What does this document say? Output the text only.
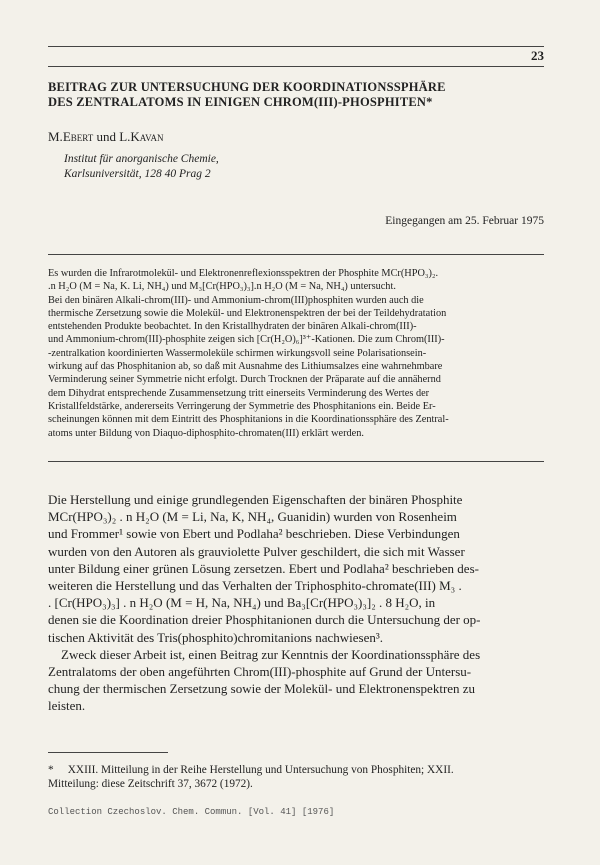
23
BEITRAG ZUR UNTERSUCHUNG DER KOORDINATIONSSPHÄRE
DES ZENTRALATOMS IN EINIGEN CHROM(III)-PHOSPHITEN*
M.Ebert und L.Kavan
Institut für anorganische Chemie,
Karlsuniversität, 128 40 Prag 2
Eingegangen am 25. Februar 1975
Es wurden die Infrarotmolekül- und Elektronenreflexionsspektren der Phosphite MCr(HPO₃)₂.
.n H₂O (M = Na, K. Li, NH₄) und M₃[Cr(HPO₃)₃].n H₂O (M = Na, NH₄) untersucht.
Bei den binären Alkali-chrom(III)- und Ammonium-chrom(III)phosphiten wurden auch die
thermische Zersetzung sowie die Molekül- und Elektronenspektren der bei der Teildehydratation
entstehenden Produkte beobachtet. In den Kristallhydraten der binären Alkali-chrom(III)-
und Ammonium-chrom(III)-phosphite zeigen sich [Cr(H₂O)₆]³⁺-Kationen. Die zum Chrom(III)-
-zentralkation koordinierten Wassermoleküle schirmen wirkungsvoll seine Polarisationsein-
wirkung auf das Phosphitanion ab, so daß mit Ausnahme des Lithiumsalzes eine wahrnehmbare
Verminderung seiner Symmetrie nicht erfolgt. Durch Trocknen der Präparate auf die annähernd
dem Dihydrat entsprechende Zusammensetzung tritt einerseits Verminderung des Wertes der
Kristallfeldstärke, andererseits Verringerung der Symmetrie des Phosphitanions ein. Beide Er-
scheinungen können mit dem Eintritt des Phosphitanions in die Koordinationssphäre des Zentral-
atoms unter Bildung von Diaquo-diphosphito-chromaten(III) erklärt werden.
Die Herstellung und einige grundlegenden Eigenschaften der binären Phosphite
MCr(HPO₃)₂ . n H₂O (M = Li, Na, K, NH₄, Guanidin) wurden von Rosenheim
und Frommer¹ sowie von Ebert und Podlaha² beschrieben. Diese Verbindungen
wurden von den Autoren als grauviolette Pulver geschildert, die sich mit Wasser
unter Bildung einer grünen Lösung zersetzen. Ebert und Podlaha² beschrieben des-
weiteren die Herstellung und das Verhalten der Triphosphito-chromate(III) M₃ .
. [Cr(HPO₃)₃] . n H₂O (M = H, Na, NH₄) und Ba₃[Cr(HPO₃)₃]₂ . 8 H₂O, in
denen sie die Koordination dreier Phosphitanionen durch die Untersuchung der op-
tischen Aktivität des Tris(phosphito)chromitanions nachwiesen³.
Zweck dieser Arbeit ist, einen Beitrag zur Kenntnis der Koordinationssphäre des
Zentralatoms der oben angeführten Chrom(III)-phosphite auf Grund der Untersu-
chung der thermischen Zersetzung sowie der Molekül- und Elektronenspektren zu
leisten.
*     XXIII. Mitteilung in der Reihe Herstellung und Untersuchung von Phosphiten; XXII.
Mitteilung: diese Zeitschrift 37, 3672 (1972).
Collection Czechoslov. Chem. Commun. [Vol. 41] [1976]
